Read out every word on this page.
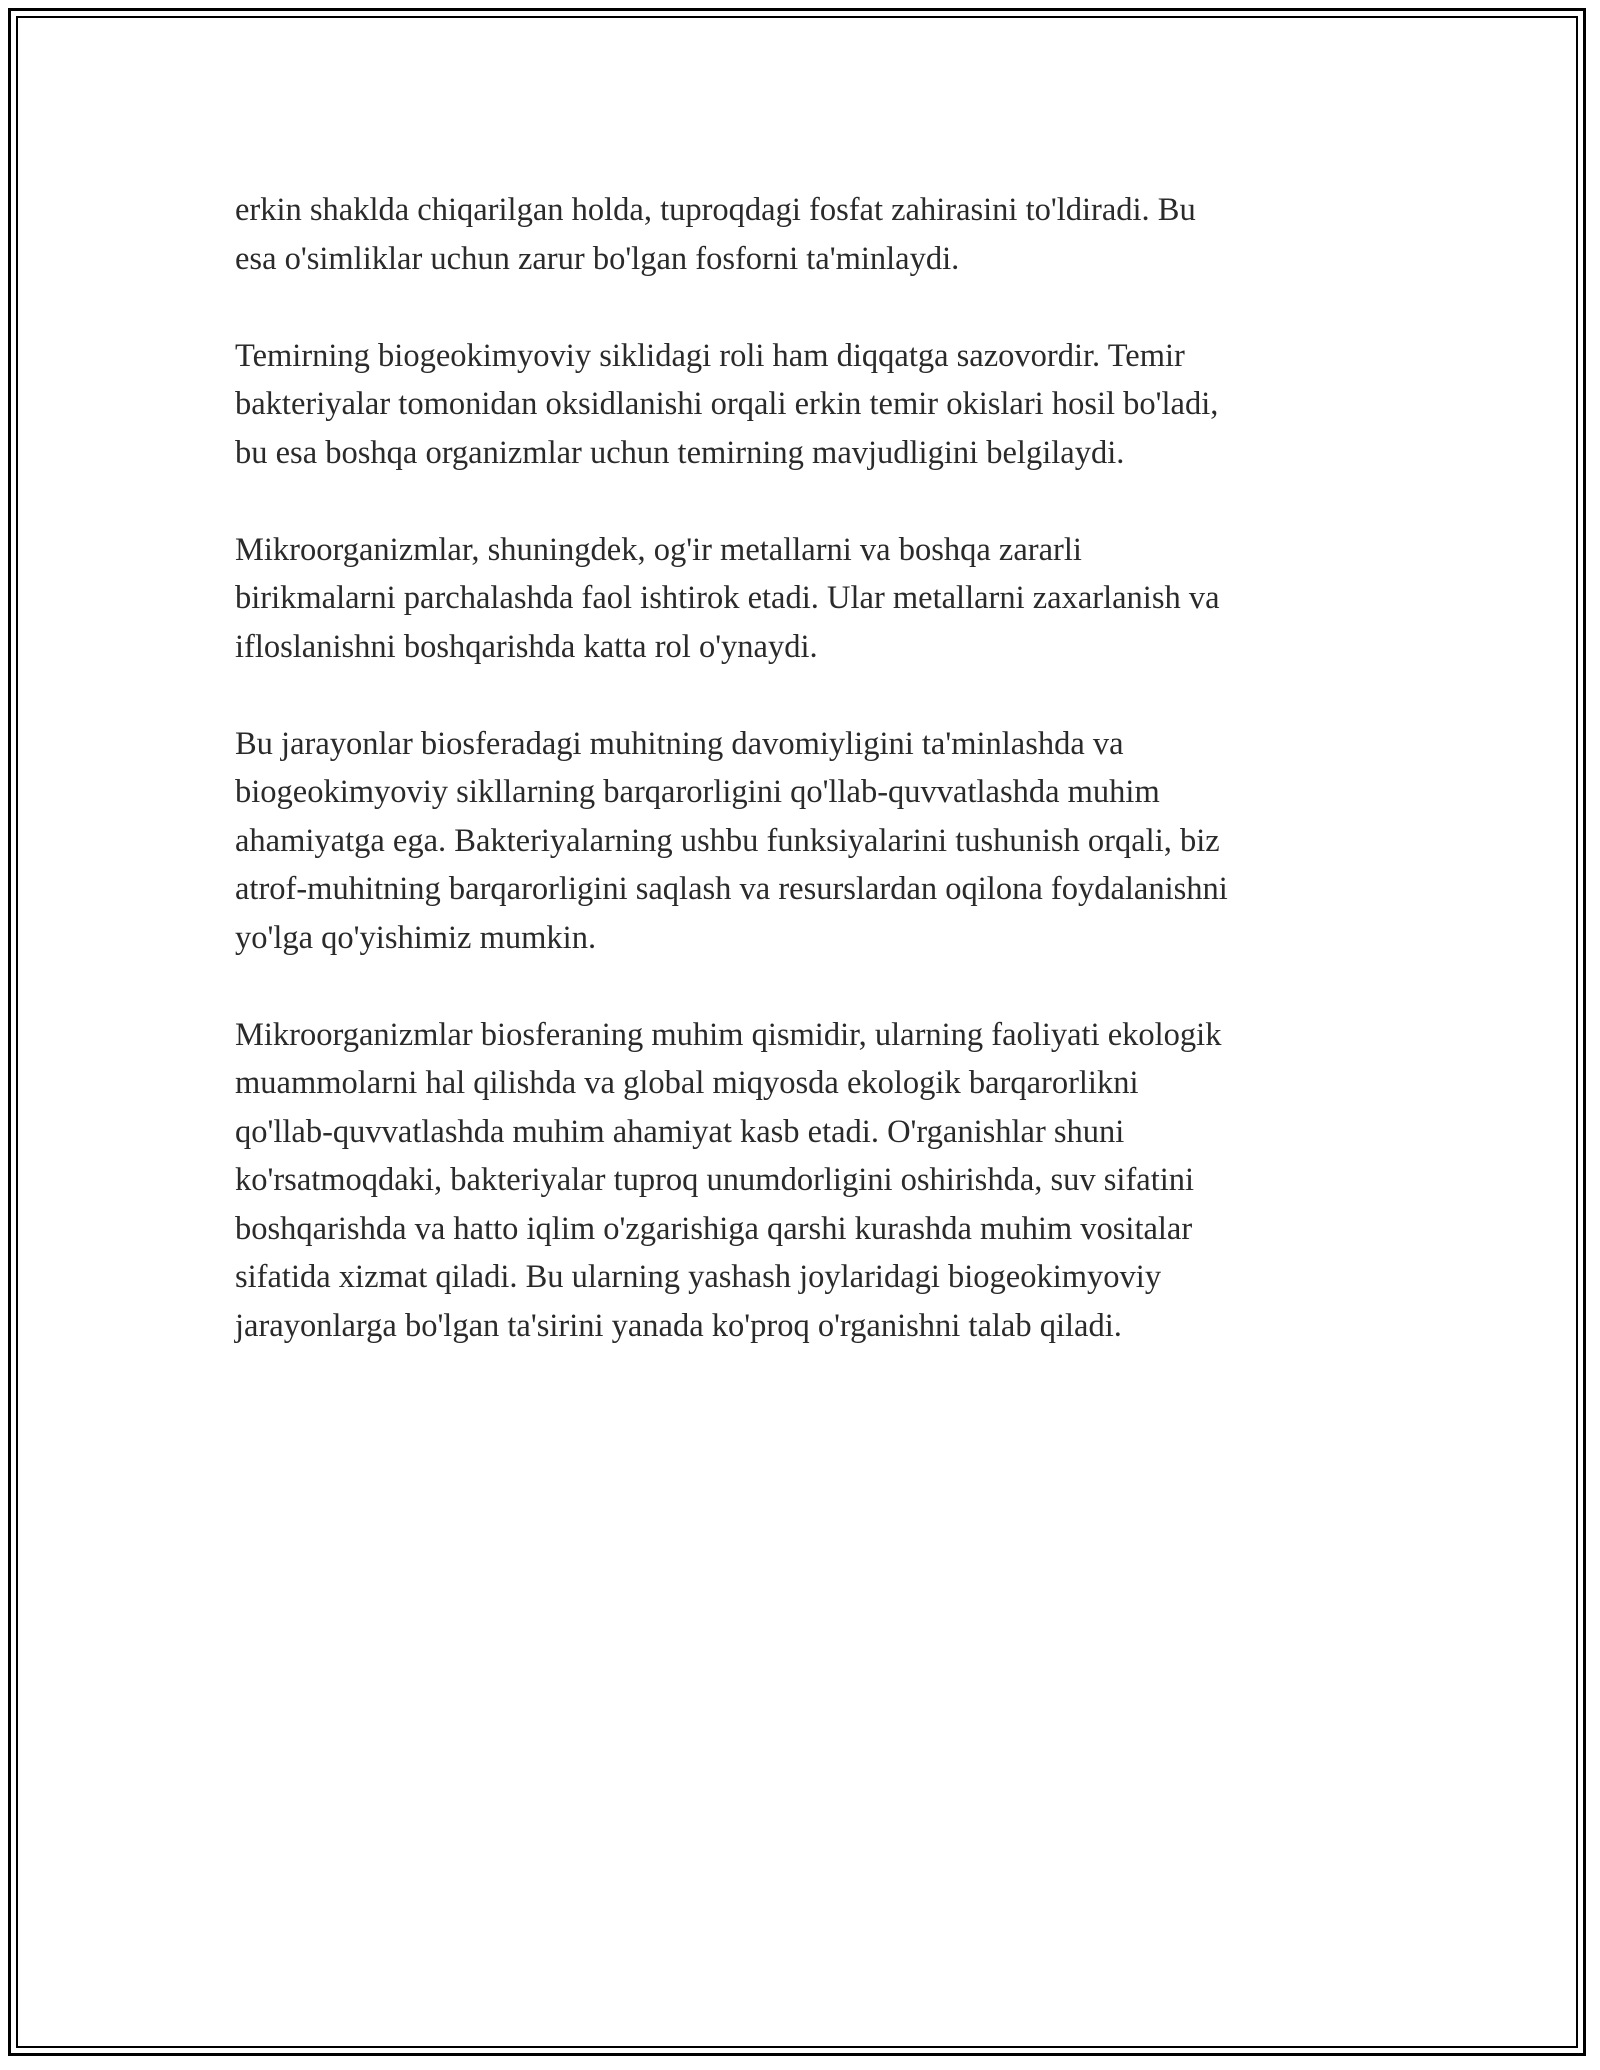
erkin shaklda chiqarilgan holda, tuproqdagi fosfat zahirasini to'ldiradi. Bu
esa o'simliklar uchun zarur bo'lgan fosforni ta'minlaydi.

Temirning biogeokimyoviy siklidagi roli ham diqqatga sazovordir. Temir
bakteriyalar tomonidan oksidlanishi orqali erkin temir okislari hosil bo'ladi,
bu esa boshqa organizmlar uchun temirning mavjudligini belgilaydi.

Mikroorganizmlar, shuningdek, og'ir metallarni va boshqa zararli
birikmalarni parchalashda faol ishtirok etadi. Ular metallarni zaxarlanish va
ifloslanishni boshqarishda katta rol o'ynaydi.

Bu jarayonlar biosferadagi muhitning davomiyligini ta'minlashda va
biogeokimyoviy sikllarning barqarorligini qo'llab-quvvatlashda muhim
ahamiyatga ega. Bakteriyalarning ushbu funksiyalarini tushunish orqali, biz
atrof-muhitning barqarorligini saqlash va resurslardan oqilona foydalanishni
yo'lga qo'yishimiz mumkin.

Mikroorganizmlar biosferaning muhim qismidir, ularning faoliyati ekologik
muammolarni hal qilishda va global miqyosda ekologik barqarorlikni
qo'llab-quvvatlashda muhim ahamiyat kasb etadi. O'rganishlar shuni
ko'rsatmoqdaki, bakteriyalar tuproq unumdorligini oshirishda, suv sifatini
boshqarishda va hatto iqlim o'zgarishiga qarshi kurashda muhim vositalar
sifatida xizmat qiladi. Bu ularning yashash joylaridagi biogeokimyoviy
jarayonlarga bo'lgan ta'sirini yanada ko'proq o'rganishni talab qiladi.
